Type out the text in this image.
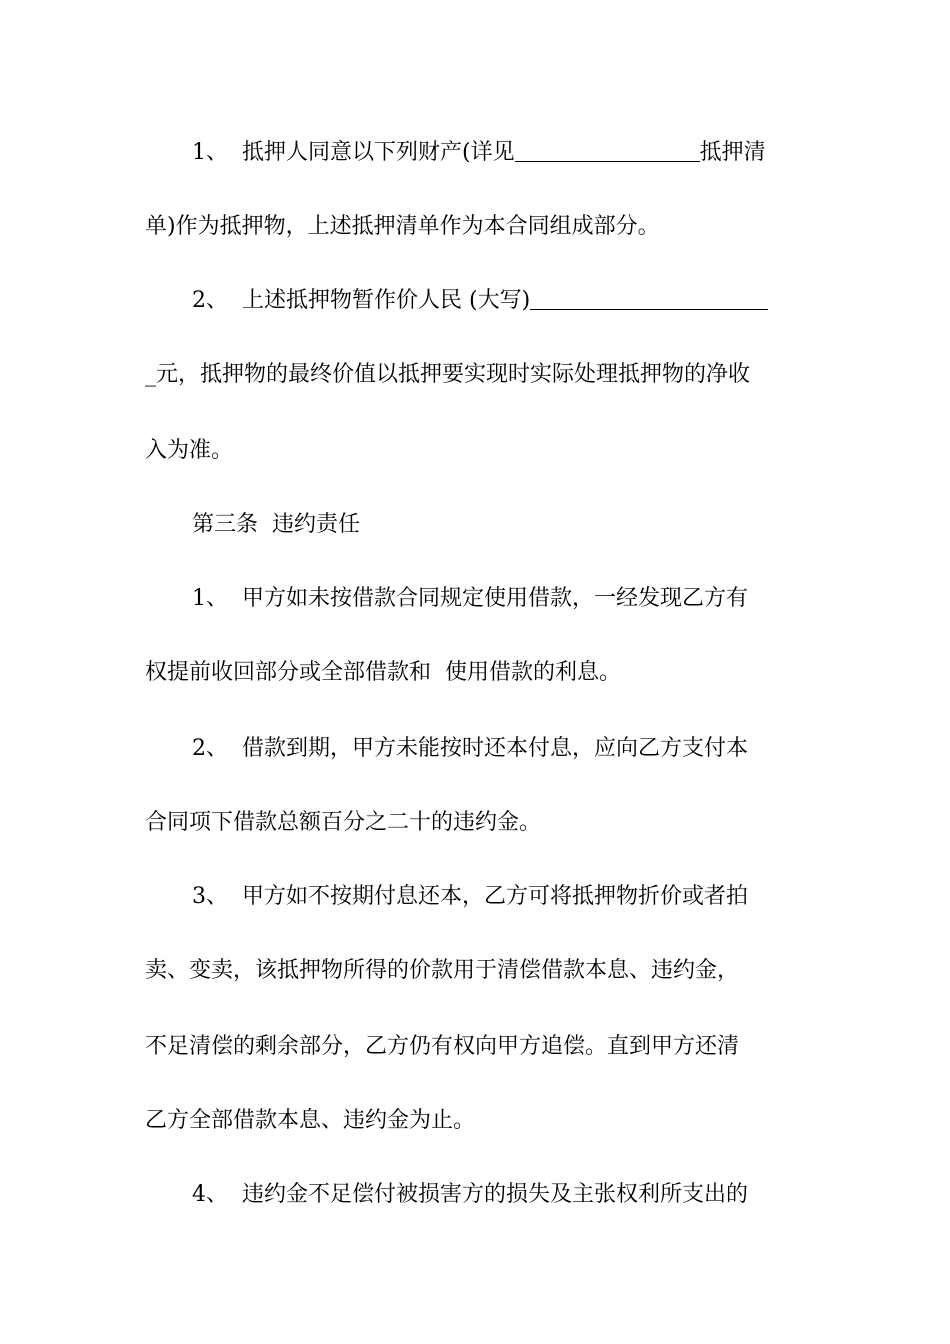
1、 抵押人同意以下列财产(详见	抵押清
单)作为抵押物，上述抵押清单作为本合同组成部分。
2、 上述抵押物暂作价人民 (大写)
_ 元，抵押物的最终价值以抵押要实现时实际处理抵押物的净收
入为准。
第三条  违约责任
1、 甲方如未按借款合同规定使用借款，一经发现乙方有
权提前收回部分或全部借款和  使用借款的利息。
2、 借款到期，甲方未能按时还本付息，应向乙方支付本
合同项下借款总额百分之二十的违约金。
3、 甲方如不按期付息还本，乙方可将抵押物折价或者拍
卖、变卖，该抵押物所得的价款用于清偿借款本息、违约金，
不足清偿的剩余部分，乙方仍有权向甲方追偿。直到甲方还清
乙方全部借款本息、违约金为止。
4、 违约金不足偿付被损害方的损失及主张权利所支出的
